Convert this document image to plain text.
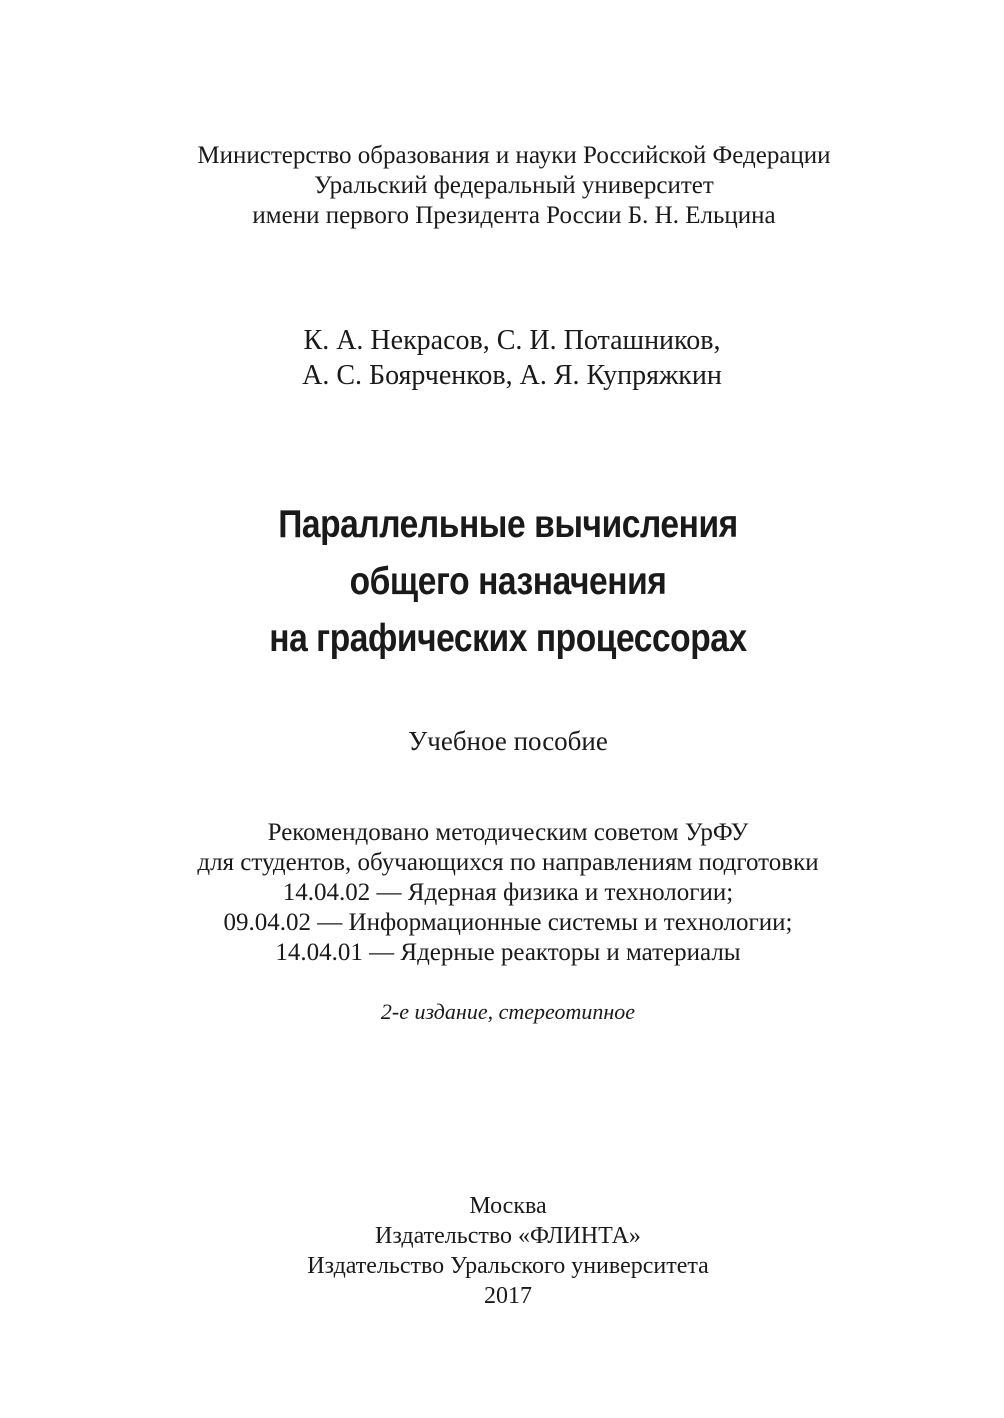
Министерство образования и науки Российской Федерации
Уральский федеральный университет
имени первого Президента России Б. Н. Ельцина
К. А. Некрасов, С. И. Поташников,
А. С. Боярченков, А. Я. Купряжкин
Параллельные вычисления
общего назначения
на графических процессорах
Учебное пособие
Рекомендовано методическим советом УрФУ
для студентов, обучающихся по направлениям подготовки
14.04.02 — Ядерная физика и технологии;
09.04.02 — Информационные системы и технологии;
14.04.01 — Ядерные реакторы и материалы
2-е издание, стереотипное
Москва
Издательство «ФЛИНТА»
Издательство Уральского университета
2017
